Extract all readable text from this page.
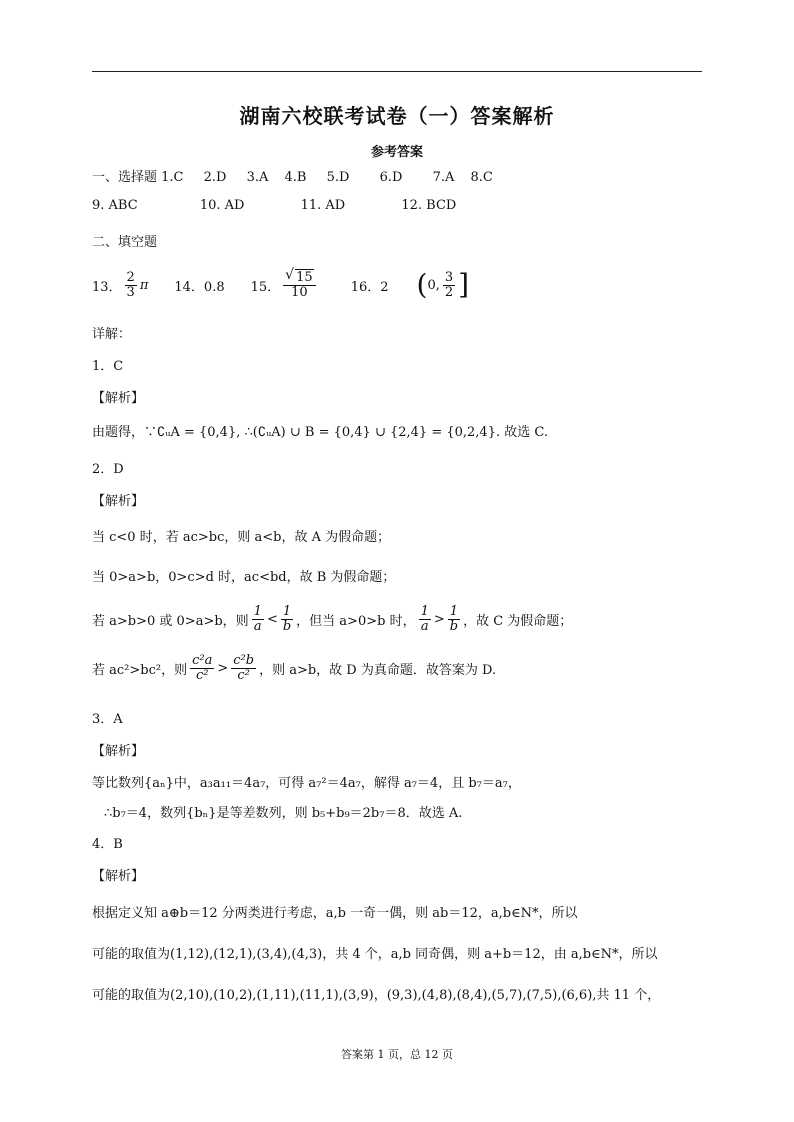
湖南六校联考试卷（一）答案解析
参考答案
一、选择题 1.C 2.D 3.A 4.B 5.D 6.D 7.A 8.C
9. ABC	10. AD	11. AD	12. BCD
二、填空题
13． $\frac{2}{3}$ π 14．0.8 15． $\frac{√ 15}{10}$	16．2 ( 0, $\frac{3}{2}$ ]
详解：
1．C
【解析】
由题得，∵∁ᵤA = {0,4}, ∴(∁ᵤA) ∪ B = {0,4} ∪ {2,4} = {0,2,4}. 故选 C.
2．D
【解析】
当 c<0 时，若 ac>bc，则 a<b，故 A 为假命题；
当 0>a>b，0>c>d 时，ac<bd，故 B 为假命题；
若 a>b>0 或 0>a>b，则 $\frac{1}{a} < \frac{1}{b}$ ，但当 a>0>b 时， $\frac{1}{a} > \frac{1}{b}$ ，故 C 为假命题；
若 ac²>bc²，则 $\frac{\text{c²a}}{\text{c²}} > \frac{\text{c²b}}{\text{c²}}$ ，则 a>b，故 D 为真命题．故答案为 D.
3．A
【解析】
等比数列{aₙ}中，a₃a₁₁＝4a₇，可得 a₇²＝4a₇，解得 a₇＝4，且 b₇＝a₇，
∴b₇＝4，数列{bₙ}是等差数列，则 b₅+b₉＝2b₇＝8．故选 A.
4．B
【解析】
根据定义知 a⊕b＝12 分两类进行考虑，a,b 一奇一偶，则 ab＝12，a,b∈N*，所以
可能的取值为(1,12),(12,1),(3,4),(4,3)，共 4 个，a,b 同奇偶，则 a+b＝12，由 a,b∈N*，所以
可能的取值为(2,10),(10,2),(1,11),(11,1),(3,9)，(9,3),(4,8),(8,4),(5,7),(7,5),(6,6),共 11 个，
答案第 1 页，总 12 页
